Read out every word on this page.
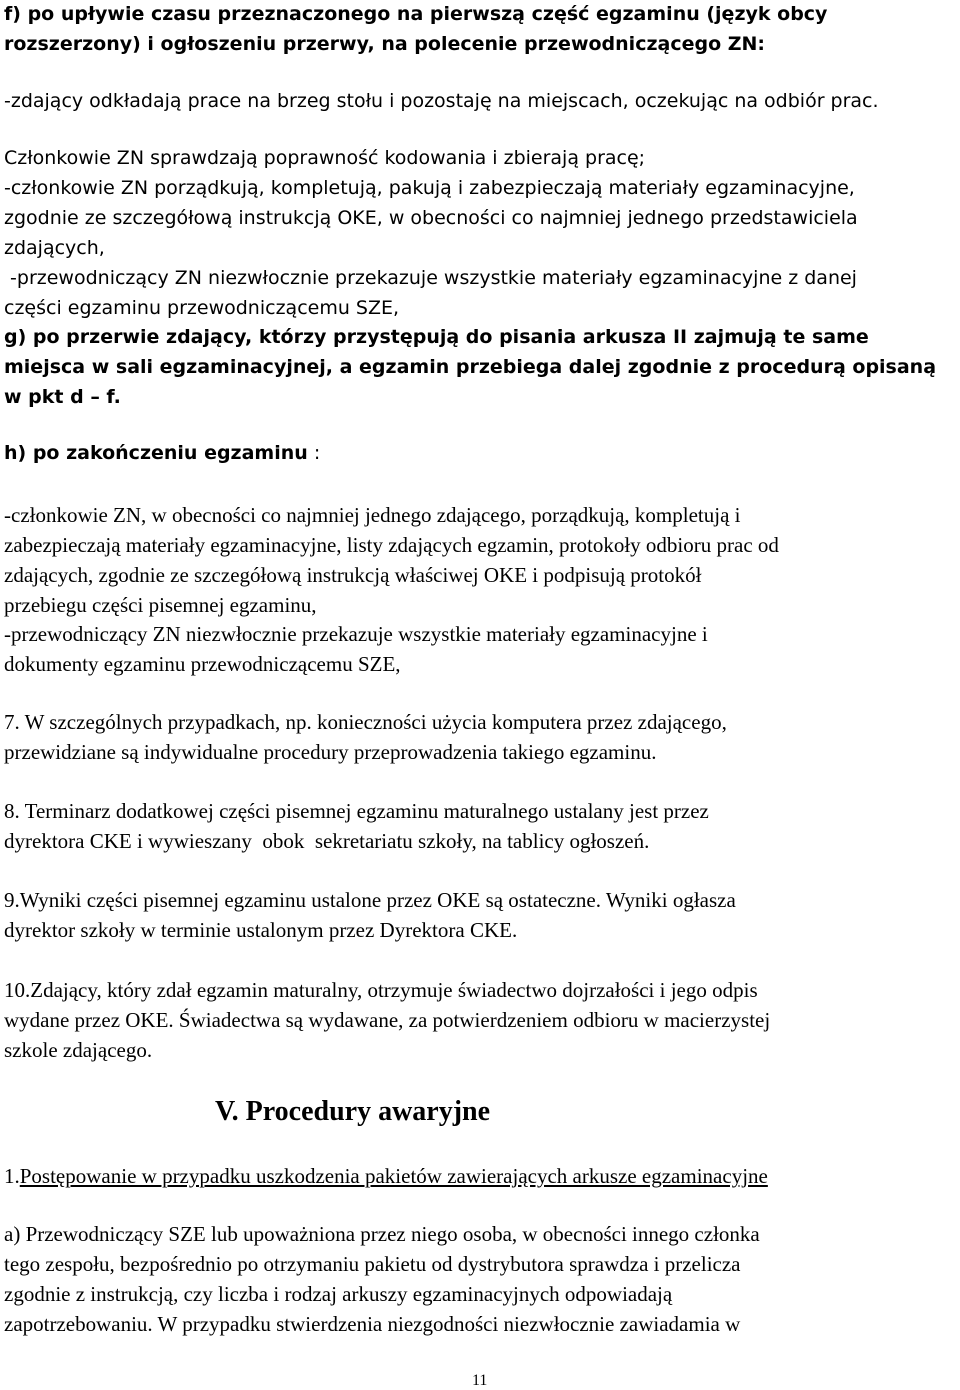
f) po upływie czasu przeznaczonego na pierwszą część egzaminu (język obcy

rozszerzony) i ogłoszeniu przerwy, na polecenie przewodniczącego ZN:

-zdający odkładają prace na brzeg stołu i pozostaję na miejscach, oczekując na odbiór prac.

Członkowie ZN sprawdzają poprawność kodowania i zbierają pracę;

-członkowie ZN porządkują, kompletują, pakują i zabezpieczają materiały egzaminacyjne,

zgodnie ze szczegółową instrukcją OKE, w obecności co najmniej jednego przedstawiciela

zdających,

-przewodniczący ZN niezwłocznie przekazuje wszystkie materiały egzaminacyjne z danej

części egzaminu przewodniczącemu SZE,

g) po przerwie zdający, którzy przystępują do pisania arkusza II zajmują te same

miejsca w sali egzaminacyjnej, a egzamin przebiega dalej zgodnie z procedurą opisaną

w pkt d – f.

h) po zakończeniu egzaminu :

-członkowie ZN, w obecności co najmniej jednego zdającego, porządkują, kompletują i

zabezpieczają materiały egzaminacyjne, listy zdających egzamin, protokoły odbioru prac od

zdających, zgodnie ze szczegółową instrukcją właściwej OKE i podpisują protokół

przebiegu części pisemnej egzaminu,

-przewodniczący ZN niezwłocznie przekazuje wszystkie materiały egzaminacyjne i

dokumenty egzaminu przewodniczącemu SZE,

7. W szczególnych przypadkach, np. konieczności użycia komputera przez zdającego,

przewidziane są indywidualne procedury przeprowadzenia takiego egzaminu.

8. Terminarz dodatkowej części pisemnej egzaminu maturalnego ustalany jest przez

dyrektora CKE i wywieszany  obok  sekretariatu szkoły, na tablicy ogłoszeń.

9.Wyniki części pisemnej egzaminu ustalone przez OKE są ostateczne. Wyniki ogłasza

dyrektor szkoły w terminie ustalonym przez Dyrektora CKE.

10.Zdający, który zdał egzamin maturalny, otrzymuje świadectwo dojrzałości i jego odpis

wydane przez OKE. Świadectwa są wydawane, za potwierdzeniem odbioru w macierzystej

szkole zdającego.

V. Procedury awaryjne

1.Postępowanie w przypadku uszkodzenia pakietów zawierających arkusze egzaminacyjne

a) Przewodniczący SZE lub upoważniona przez niego osoba, w obecności innego członka

tego zespołu, bezpośrednio po otrzymaniu pakietu od dystrybutora sprawdza i przelicza

zgodnie z instrukcją, czy liczba i rodzaj arkuszy egzaminacyjnych odpowiadają

zapotrzebowaniu. W przypadku stwierdzenia niezgodności niezwłocznie zawiadamia w

11
